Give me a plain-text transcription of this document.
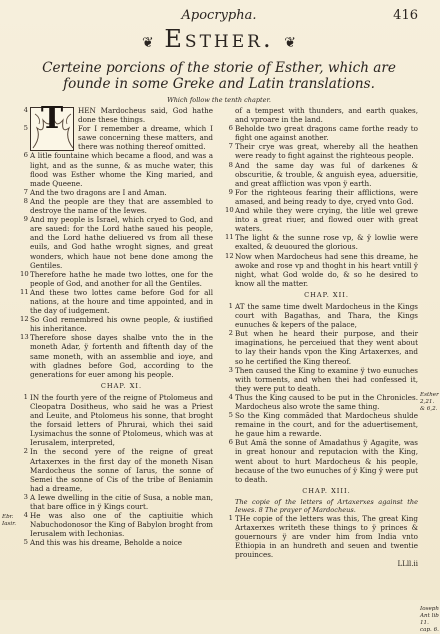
Apocrypha.	416
❦ Esther. ❦
Certeine porcions of the storie of Esther, which are founde in some Greke and Latin translations.
Which follow the tenth chapter.
T
4	HEN Mardocheus said, God hathe done these things.
5	For I remember a dreame, which I sawe concerning these matters, and there was nothing thereof omitted.
6 A litle fountaine which became a flood, and was a light, and as the sunne, & as muche water, this flood was Esther whome the King maried, and made Queene.
7 And the two dragons are I and Aman.
8 And the people are they that are assembled to destroye the name of the Iewes.
9 And my people is Israel, which cryed to God, and are saued: for the Lord hathe saued his people, and the Lord hathe deliuered vs from all these euils, and God hathe wroght signes, and great wonders, which haue not bene done among the Gentiles.
10 Therefore hathe he made two lottes, one for the people of God, and another for all the Gentiles.
11 And these two lottes came before God for all nations, at the houre and time appointed, and in the day of iudgement.
12 So God remembred his owne people, & iustified his inheritance.
13 Therefore shose dayes shalbe vnto the in the moneth Adar, ÿ fortenth and fiftenth day of the same moneth, with an assemblie and ioye, and with gladnes before God, according to the generations for euer among his people.
CHAP. XI.
1 IN the fourth yere of the reigne of Ptolomeus and Cleopatra Dositheus, who said he was a Priest and Leuite, and Ptolomeus his sonne, that broght the forsaid letters of Phrurai, which thei said Lysimachus the sonne of Ptolomeus, which was at Ierusalem, interpreted,
2 In the second yere of the reigne of great Artaxerxes in the first day of the moneth Nisan Mardocheus the sonne of Iarus, the sonne of Semei the sonne of Cis of the tribe of Beniamin had a dreame,
3 A Iewe dwelling in the citie of Susa, a noble man, that bare office in ÿ Kings court.
4 He was also one of the captiuitie which Nabuchodonosor the King of Babylon broght from Ierusalem with Iechonias.
5 And this was his dreame, Beholde a noice
Ebr. Iasir.
of a tempest with thunders, and earth quakes, and vproare in the land.
6 Beholde two great dragons came forthe ready to fight one against another.
7 Their crye was great, whereby all the heathen were ready to fight against the righteous people.
8 And the same day was ful of darkenes & obscuritie, & trouble, & anguish eyea, aduersitie, and great affliction was vpon ÿ earth.
9 For the righteous fearing their afflictions, were amased, and being ready to dye, cryed vnto God.
10 And while they were crying, the litle wel grewe into a great riuer, and flowed ouer with great waters.
11 The light & the sunne rose vp, & ÿ lowlie were exalted, & deuoured the glorious.
12 Now when Mardocheus had sene this dreame, he awoke and rose vp and thoght in his heart vntill ÿ night, what God wolde do, & so he desired to know all the matter.
CHAP. XII.
1 AT the same time dwelt Mardocheus in the Kings court with Bagathas, and Thara, the Kings eunuches & kepers of the palace,
2 But when he heard their purpose, and their imaginations, he perceiued that they went about to lay their hands vpon the King Artaxerxes, and so he certified the King thereof.
3 Then caused the King to examine ÿ two eunuches with torments, and when thei had confessed it, they were put to death.
4 Thus the King caused to be put in the Chronicles. Mardocheus also wrote the same thing.
5 So the King commāded that Mardocheus shulde remaine in the court, and for the aduertisement, he gaue him a rewarde.
6 But Amā the sonne of Amadathus ÿ Agagite, was in great honour and reputacion with the King, went about to hurt Mardocheus & his people, because of the two eunuches of ÿ King ÿ were put to death.
CHAP. XIII.
The copie of the letters of Artaxerxes against the Iewes. 8 The prayer of Mardocheus.
1 THe copie of the letters was this, The great King Artaxerxes writeth these things to ÿ princes & gouernours ÿ are vnder him from India vnto Ethiopia in an hundreth and seuen and twentie prouinces.
LLll.ii
Esther 2,21. & 6,2.
Ioseph Ant lib 11. cap. 6.
